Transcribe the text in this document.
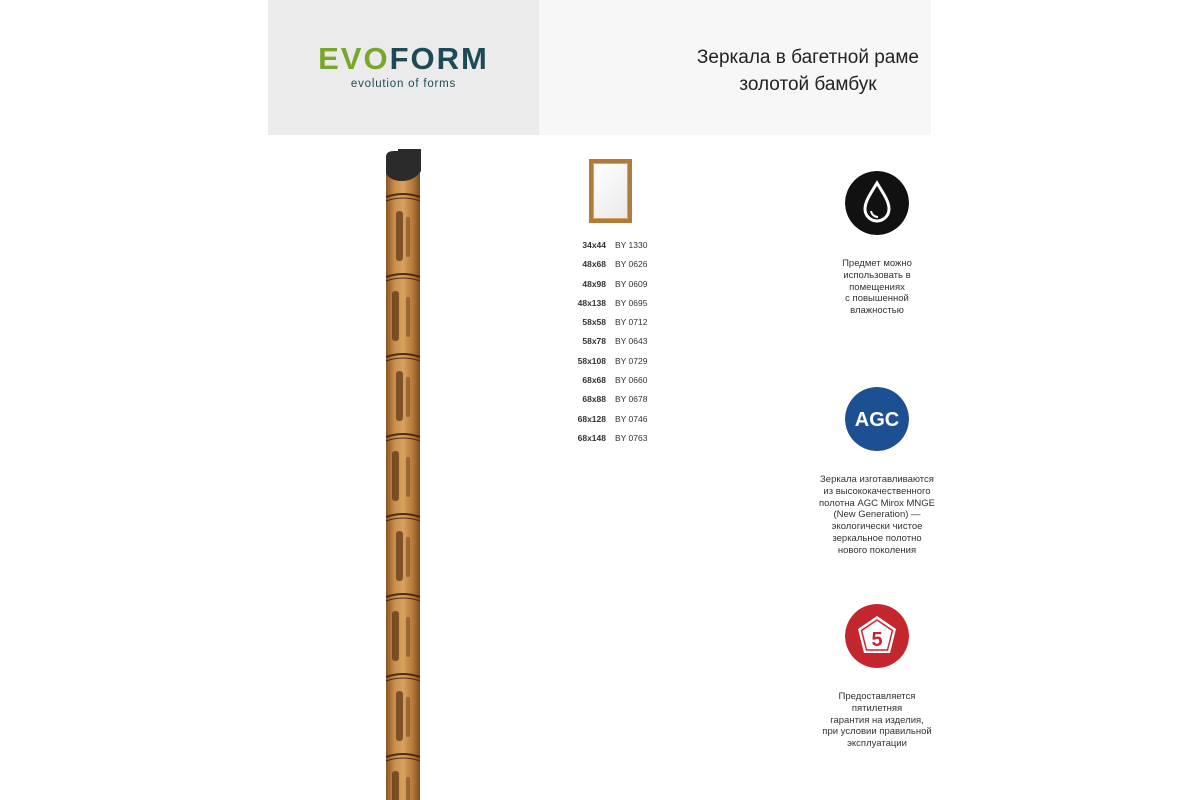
EVOFORM
evolution of forms
Зеркала в багетной раме
золотой бамбук
34x44 BY 1330
48x68 BY 0626
48x98 BY 0609
48x138 BY 0695
58x58 BY 0712
58x78 BY 0643
58x108 BY 0729
68x68 BY 0660
68x88 BY 0678
68x128 BY 0746
68x148 BY 0763
Предмет можно
использовать в
помещениях
с повышенной
влажностью
AGC
Зеркала изготавливаются
из высококачественного
полотна AGC Mirox MNGE
(New Generation) —
экологически чистое
зеркальное полотно
нового поколения
5
Предоставляется
пятилетняя
гарантия на изделия,
при условии правильной
эксплуатации
